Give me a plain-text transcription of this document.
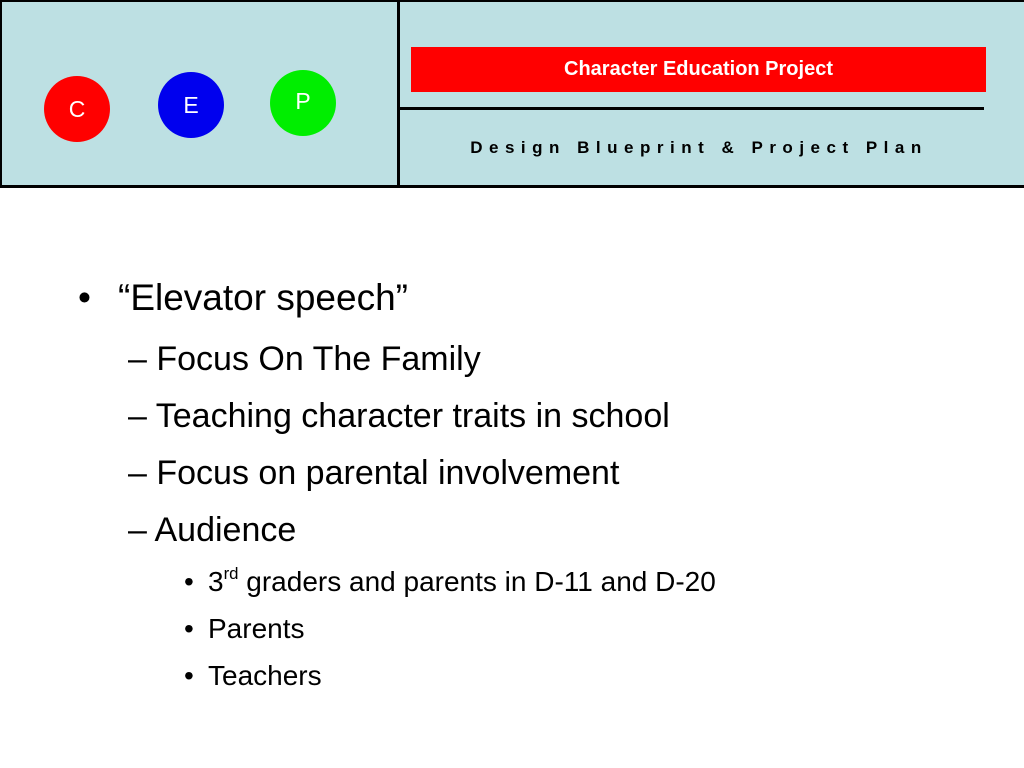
C	E	P
Character Education Project
Design Blueprint & Project Plan
• “Elevator speech”
– Focus On The Family
– Teaching character traits in school
– Focus on parental involvement
– Audience
• 3rd graders and parents in D-11 and D-20
• Parents
• Teachers
